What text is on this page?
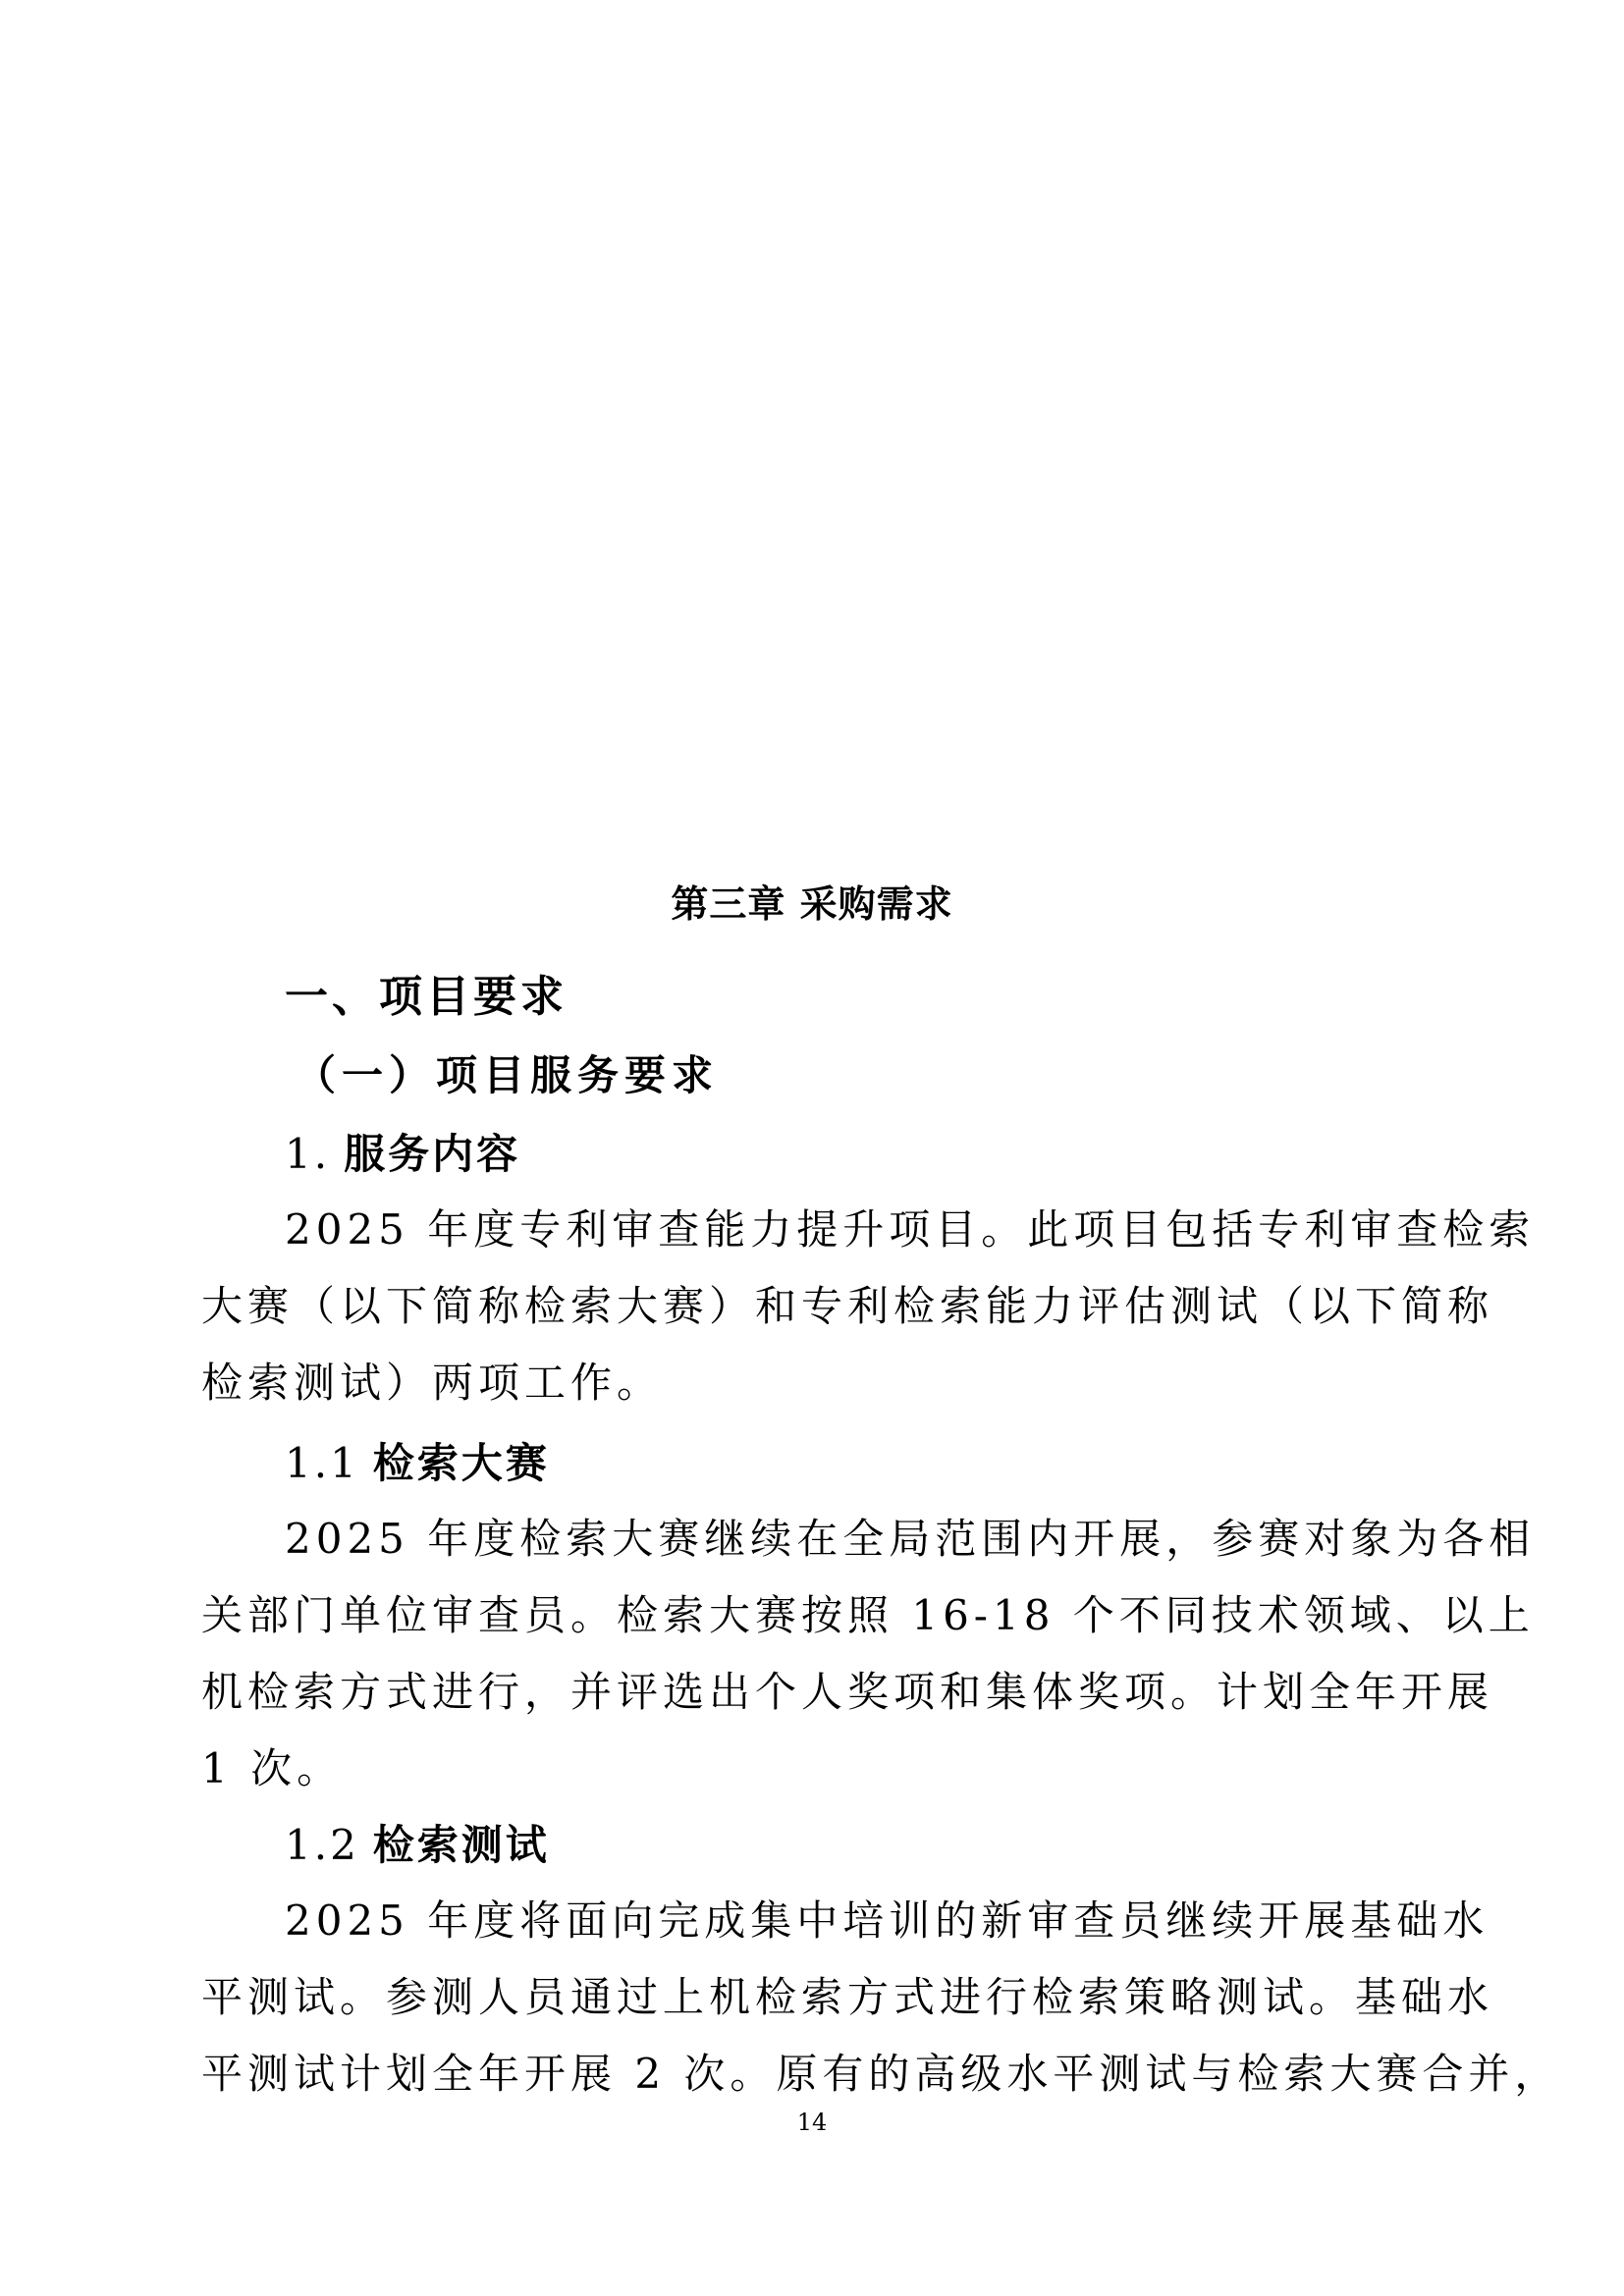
第三章 采购需求
一、项目要求
（一）项目服务要求
1. 服务内容

2025 年度专利审查能力提升项目。此项目包括专利审查检索
大赛（以下简称检索大赛）和专利检索能力评估测试（以下简称
检索测试）两项工作。

1.1 检索大赛

2025 年度检索大赛继续在全局范围内开展，参赛对象为各相
关部门单位审查员。检索大赛按照 16-18 个不同技术领域、以上
机检索方式进行，并评选出个人奖项和集体奖项。计划全年开展
1 次。

1.2 检索测试

2025 年度将面向完成集中培训的新审查员继续开展基础水
平测试。参测人员通过上机检索方式进行检索策略测试。基础水
平测试计划全年开展 2 次。原有的高级水平测试与检索大赛合并，

14
